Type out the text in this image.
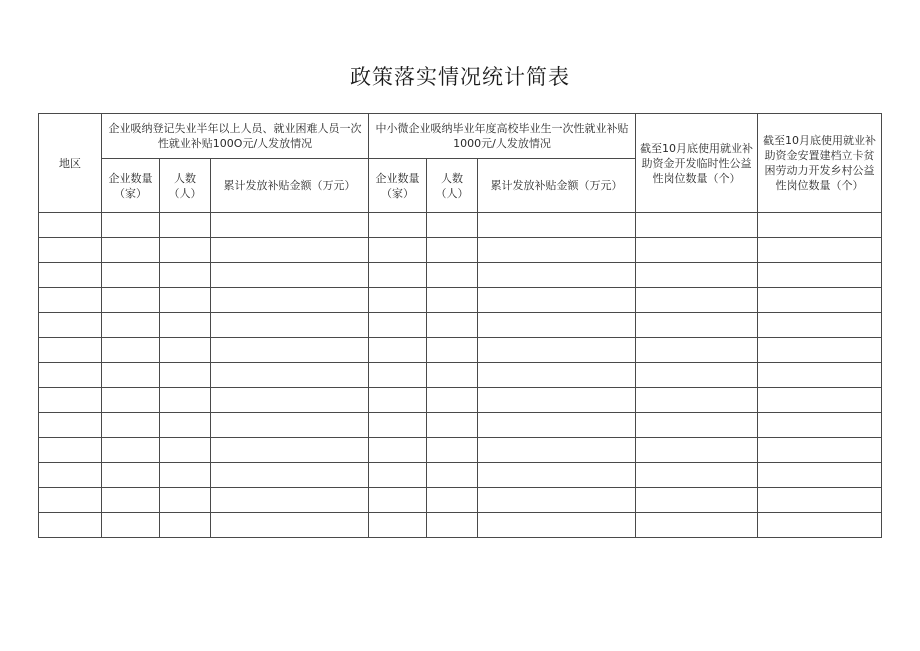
政策落实情况统计简表
地区	企业吸纳登记失业半年以上人员、就业困难人员一次性就业补贴100O元/人发放情况			中小微企业吸纳毕业年度高校毕业生一次性就业补贴1000元/人发放情况			截至10月底使用就业补助资金开发临时性公益性岗位数量（个）	截至10月底使用就业补助资金安置建档立卡贫困劳动力开发乡村公益性岗位数量（个）
	企业数量（家）	人数（人）	累计发放补贴金额（万元）	企业数量（家）	人数（人）	累计发放补贴金额（万元）		
